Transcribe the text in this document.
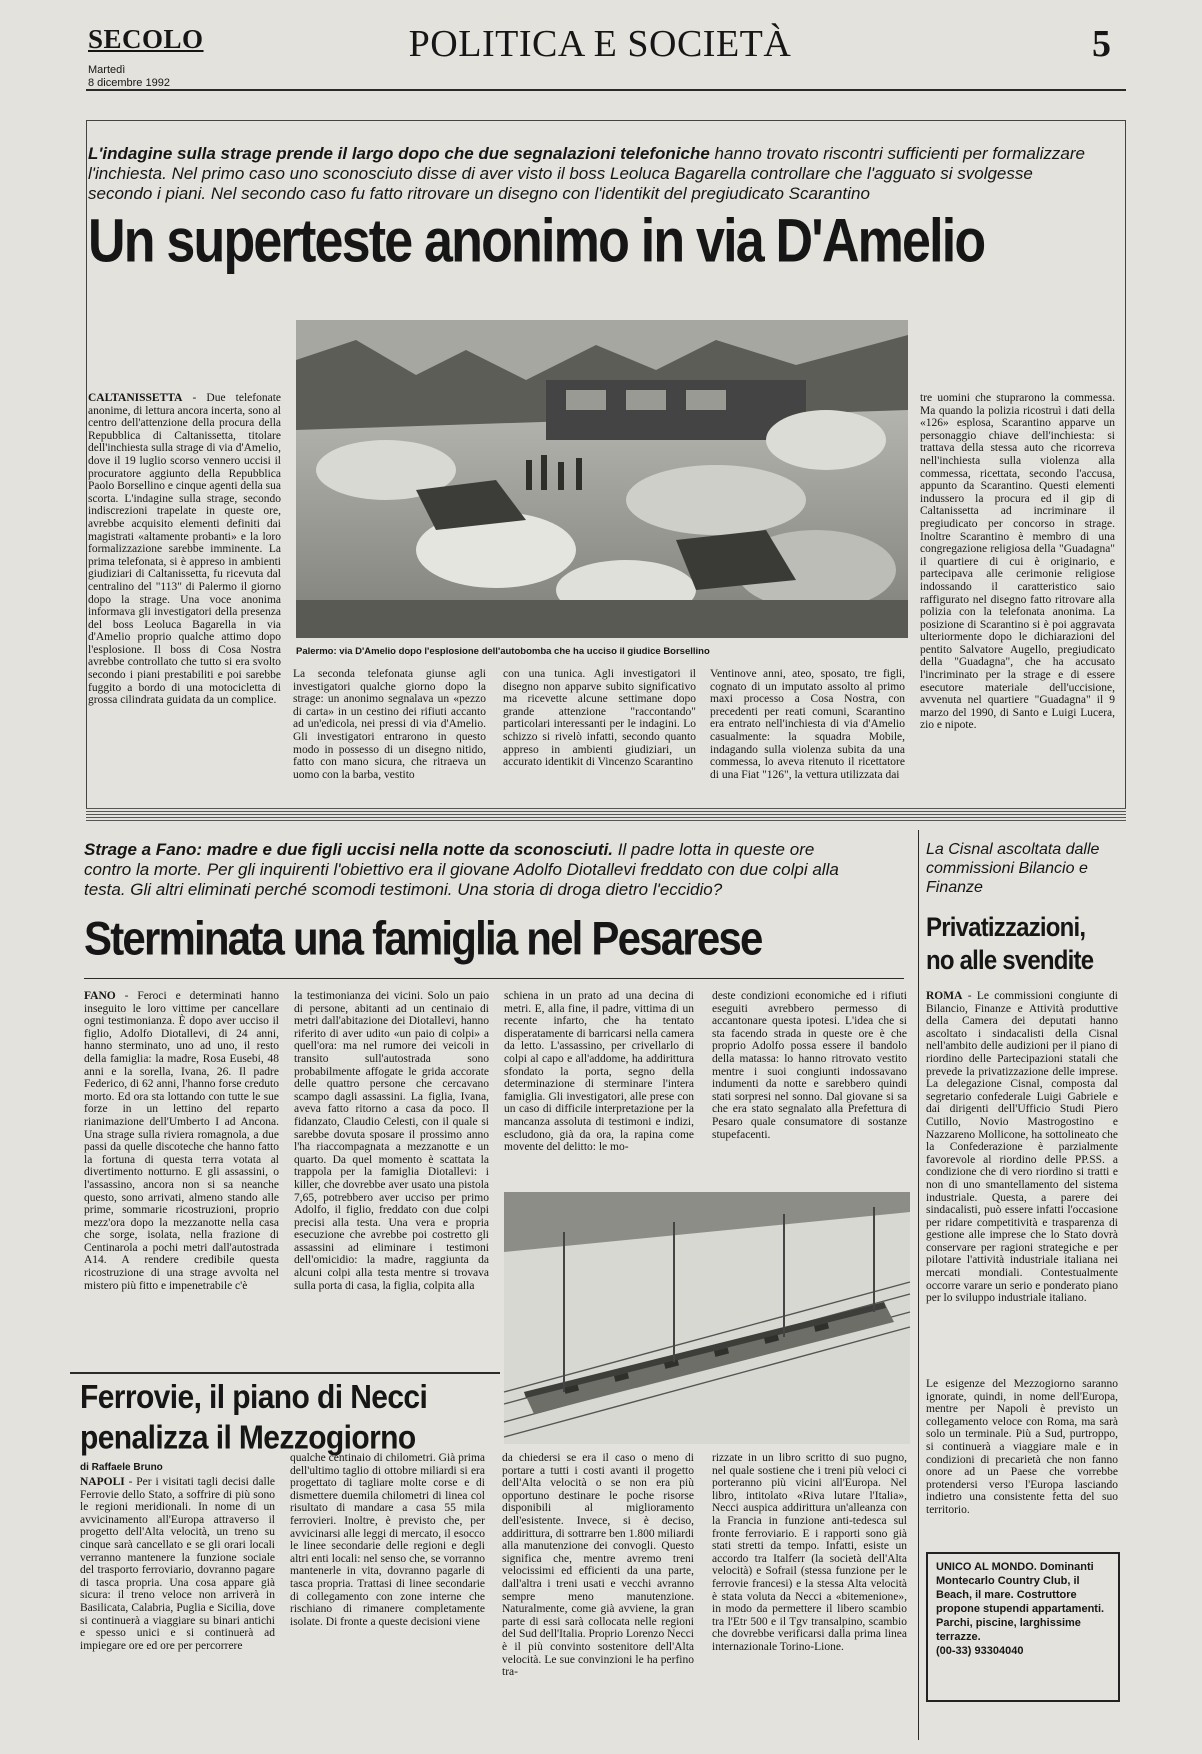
SECOLO
Martedì
8 dicembre 1992
POLITICA E SOCIETÀ	5
L'indagine sulla strage prende il largo dopo che due segnalazioni telefoniche hanno trovato riscontri sufficienti per formalizzare l'inchiesta. Nel primo caso uno sconosciuto disse di aver visto il boss Leoluca Bagarella controllare che l'agguato si svolgesse secondo i piani. Nel secondo caso fu fatto ritrovare un disegno con l'identikit del pregiudicato Scarantino
Un superteste anonimo in via D'Amelio
Palermo: via D'Amelio dopo l'esplosione dell'autobomba che ha ucciso il giudice Borsellino
CALTANISSETTA - Due telefonate anonime, di lettura ancora incerta, sono al centro dell'attenzione della procura della Repubblica di Caltanissetta, titolare dell'inchiesta sulla strage di via d'Amelio, dove il 19 luglio scorso vennero uccisi il procuratore aggiunto della Repubblica Paolo Borsellino e cinque agenti della sua scorta. L'indagine sulla strage, secondo indiscrezioni trapelate in queste ore, avrebbe acquisito elementi definiti dai magistrati «altamente probanti» e la loro formalizzazione sarebbe imminente. La prima telefonata, si è appreso in ambienti giudiziari di Caltanissetta, fu ricevuta dal centralino del "113" di Palermo il giorno dopo la strage. Una voce anonima informava gli investigatori della presenza del boss Leoluca Bagarella in via d'Amelio proprio qualche attimo dopo l'esplosione. Il boss di Cosa Nostra avrebbe controllato che tutto si era svolto secondo i piani prestabiliti e poi sarebbe fuggito a bordo di una motocicletta di grossa cilindrata guidata da un complice.
La seconda telefonata giunse agli investigatori qualche giorno dopo la strage: un anonimo segnalava un «pezzo di carta» in un cestino dei rifiuti accanto ad un'edicola, nei pressi di via d'Amelio. Gli investigatori entrarono in questo modo in possesso di un disegno nitido, fatto con mano sicura, che ritraeva un uomo con la barba, vestito
con una tunica. Agli investigatori il disegno non apparve subito significativo ma ricevette alcune settimane dopo grande attenzione "raccontando" particolari interessanti per le indagini. Lo schizzo si rivelò infatti, secondo quanto appreso in ambienti giudiziari, un accurato identikit di Vincenzo Scarantino
Ventinove anni, ateo, sposato, tre figli, cognato di un imputato assolto al primo maxi processo a Cosa Nostra, con precedenti per reati comuni, Scarantino era entrato nell'inchiesta di via d'Amelio casualmente: la squadra Mobile, indagando sulla violenza subita da una commessa, lo aveva ritenuto il ricettatore di una Fiat "126", la vettura utilizzata dai
tre uomini che stuprarono la commessa. Ma quando la polizia ricostruì i dati della «126» esplosa, Scarantino apparve un personaggio chiave dell'inchiesta: si trattava della stessa auto che ricorreva nell'inchiesta sulla violenza alla commessa, ricettata, secondo l'accusa, appunto da Scarantino. Questi elementi indussero la procura ed il gip di Caltanissetta ad incriminare il pregiudicato per concorso in strage. Inoltre Scarantino è membro di una congregazione religiosa della "Guadagna" il quartiere di cui è originario, e partecipava alle cerimonie religiose indossando il caratteristico saio raffigurato nel disegno fatto ritrovare alla polizia con la telefonata anonima. La posizione di Scarantino si è poi aggravata ulteriormente dopo le dichiarazioni del pentito Salvatore Augello, pregiudicato della "Guadagna", che ha accusato l'incriminato per la strage e di essere esecutore materiale dell'uccisione, avvenuta nel quartiere "Guadagna" il 9 marzo del 1990, di Santo e Luigi Lucera, zio e nipote.
Strage a Fano: madre e due figli uccisi nella notte da sconosciuti. Il padre lotta in queste ore contro la morte. Per gli inquirenti l'obiettivo era il giovane Adolfo Diotallevi freddato con due colpi alla testa. Gli altri eliminati perché scomodi testimoni. Una storia di droga dietro l'eccidio?
Sterminata una famiglia nel Pesarese
FANO - Feroci e determinati hanno inseguito le loro vittime per cancellare ogni testimonianza. È dopo aver ucciso il figlio, Adolfo Diotallevi, di 24 anni, hanno sterminato, uno ad uno, il resto della famiglia: la madre, Rosa Eusebi, 48 anni e la sorella, Ivana, 26. Il padre Federico, di 62 anni, l'hanno forse creduto morto. Ed ora sta lottando con tutte le sue forze in un lettino del reparto rianimazione dell'Umberto I ad Ancona. Una strage sulla riviera romagnola, a due passi da quelle discoteche che hanno fatto la fortuna di questa terra votata al divertimento notturno. E gli assassini, o l'assassino, ancora non si sa neanche questo, sono arrivati, almeno stando alle prime, sommarie ricostruzioni, proprio mezz'ora dopo la mezzanotte nella casa che sorge, isolata, nella frazione di Centinarola a pochi metri dall'autostrada A14. A rendere credibile questa ricostruzione di una strage avvolta nel mistero più fitto e impenetrabile c'è
la testimonianza dei vicini. Solo un paio di persone, abitanti ad un centinaio di metri dall'abitazione dei Diotallevi, hanno riferito di aver udito «un paio di colpi» a quell'ora: ma nel rumore dei veicoli in transito sull'autostrada sono probabilmente affogate le grida accorate delle quattro persone che cercavano scampo dagli assassini. La figlia, Ivana, aveva fatto ritorno a casa da poco. Il fidanzato, Claudio Celesti, con il quale si sarebbe dovuta sposare il prossimo anno l'ha riaccompagnata a mezzanotte e un quarto. Da quel momento è scattata la trappola per la famiglia Diotallevi: i killer, che dovrebbe aver usato una pistola 7,65, potrebbero aver ucciso per primo Adolfo, il figlio, freddato con due colpi precisi alla testa. Una vera e propria esecuzione che avrebbe poi costretto gli assassini ad eliminare i testimoni dell'omicidio: la madre, raggiunta da alcuni colpi alla testa mentre si trovava sulla porta di casa, la figlia, colpita alla
schiena in un prato ad una decina di metri. E, alla fine, il padre, vittima di un recente infarto, che ha tentato disperatamente di barricarsi nella camera da letto. L'assassino, per crivellarlo di colpi al capo e all'addome, ha addirittura sfondato la porta, segno della determinazione di sterminare l'intera famiglia. Gli investigatori, alle prese con un caso di difficile interpretazione per la mancanza assoluta di testimoni e indizi, escludono, già da ora, la rapina come movente del delitto: le mo-
deste condizioni economiche ed i rifiuti eseguiti avrebbero permesso di accantonare questa ipotesi. L'idea che si sta facendo strada in queste ore è che proprio Adolfo possa essere il bandolo della matassa: lo hanno ritrovato vestito mentre i suoi congiunti indossavano indumenti da notte e sarebbero quindi stati sorpresi nel sonno. Dal giovane si sa che era stato segnalato alla Prefettura di Pesaro quale consumatore di sostanze stupefacenti.
La Cisnal ascoltata dalle commissioni Bilancio e Finanze
Privatizzazioni,
no alle svendite
ROMA - Le commissioni congiunte di Bilancio, Finanze e Attività produttive della Camera dei deputati hanno ascoltato i sindacalisti della Cisnal nell'ambito delle audizioni per il piano di riordino delle Partecipazioni statali che prevede la privatizzazione delle imprese. La delegazione Cisnal, composta dal segretario confederale Luigi Gabriele e dai dirigenti dell'Ufficio Studi Piero Cutillo, Novio Mastrogostino e Nazzareno Mollicone, ha sottolineato che la Confederazione è parzialmente favorevole al riordino delle PP.SS. a condizione che di vero riordino si tratti e non di uno smantellamento del sistema industriale. Questa, a parere dei sindacalisti, può essere infatti l'occasione per ridare competitività e trasparenza di gestione alle imprese che lo Stato dovrà conservare per ragioni strategiche e per pilotare l'attività industriale italiana nei mercati mondiali. Contestualmente occorre varare un serio e ponderato piano per lo sviluppo industriale italiano.
Ferrovie, il piano di Necci
penalizza il Mezzogiorno
di Raffaele Bruno
NAPOLI - Per i visitati tagli decisi dalle Ferrovie dello Stato, a soffrire di più sono le regioni meridionali. In nome di un avvicinamento all'Europa attraverso il progetto dell'Alta velocità, un treno su cinque sarà cancellato e se gli orari locali verranno mantenere la funzione sociale del trasporto ferroviario, dovranno pagare di tasca propria. Una cosa appare già sicura: il treno veloce non arriverà in Basilicata, Calabria, Puglia e Sicilia, dove si continuerà a viaggiare su binari antichi e spesso unici e si continuerà ad impiegare ore ed ore per percorrere
qualche centinaio di chilometri. Già prima dell'ultimo taglio di ottobre miliardi si era progettato di tagliare molte corse e di dismettere duemila chilometri di linea col risultato di mandare a casa 55 mila ferrovieri. Inoltre, è previsto che, per avvicinarsi alle leggi di mercato, il esocco le linee secondarie delle regioni e degli altri enti locali: nel senso che, se vorranno mantenerle in vita, dovranno pagarle di tasca propria. Trattasi di linee secondarie di collegamento con zone interne che rischiano di rimanere completamente isolate. Di fronte a queste decisioni viene
da chiedersi se era il caso o meno di portare a tutti i costi avanti il progetto dell'Alta velocità o se non era più opportuno destinare le poche risorse disponibili al miglioramento dell'esistente. Invece, si è deciso, addirittura, di sottrarre ben 1.800 miliardi alla manutenzione dei convogli. Questo significa che, mentre avremo treni velocissimi ed efficienti da una parte, dall'altra i treni usati e vecchi avranno sempre meno manutenzione. Naturalmente, come già avviene, la gran parte di essi sarà collocata nelle regioni del Sud dell'Italia. Proprio Lorenzo Necci è il più convinto sostenitore dell'Alta velocità. Le sue convinzioni le ha perfino tra-
rizzate in un libro scritto di suo pugno, nel quale sostiene che i treni più veloci ci porteranno più vicini all'Europa. Nel libro, intitolato «Riva lutare l'Italia», Necci auspica addirittura un'alleanza con la Francia in funzione anti-tedesca sul fronte ferroviario. E i rapporti sono già stati stretti da tempo. Infatti, esiste un accordo tra Italferr (la società dell'Alta velocità) e Sofrail (stessa funzione per le ferrovie francesi) e la stessa Alta velocità è stata voluta da Necci a «bitemenione», in modo da permettere il libero scambio tra l'Etr 500 e il Tgv transalpino, scambio che dovrebbe verificarsi dalla prima linea internazionale Torino-Lione.
Le esigenze del Mezzogiorno saranno ignorate, quindi, in nome dell'Europa, mentre per Napoli è previsto un collegamento veloce con Roma, ma sarà solo un terminale. Più a Sud, purtroppo, si continuerà a viaggiare male e in condizioni di precarietà che non fanno onore ad un Paese che vorrebbe protendersi verso l'Europa lasciando indietro una consistente fetta del suo territorio.
UNICO AL MONDO. Dominanti Montecarlo Country Club, il Beach, il mare. Costruttore propone stupendi appartamenti. Parchi, piscine, larghissime terrazze.
(00-33) 93304040
